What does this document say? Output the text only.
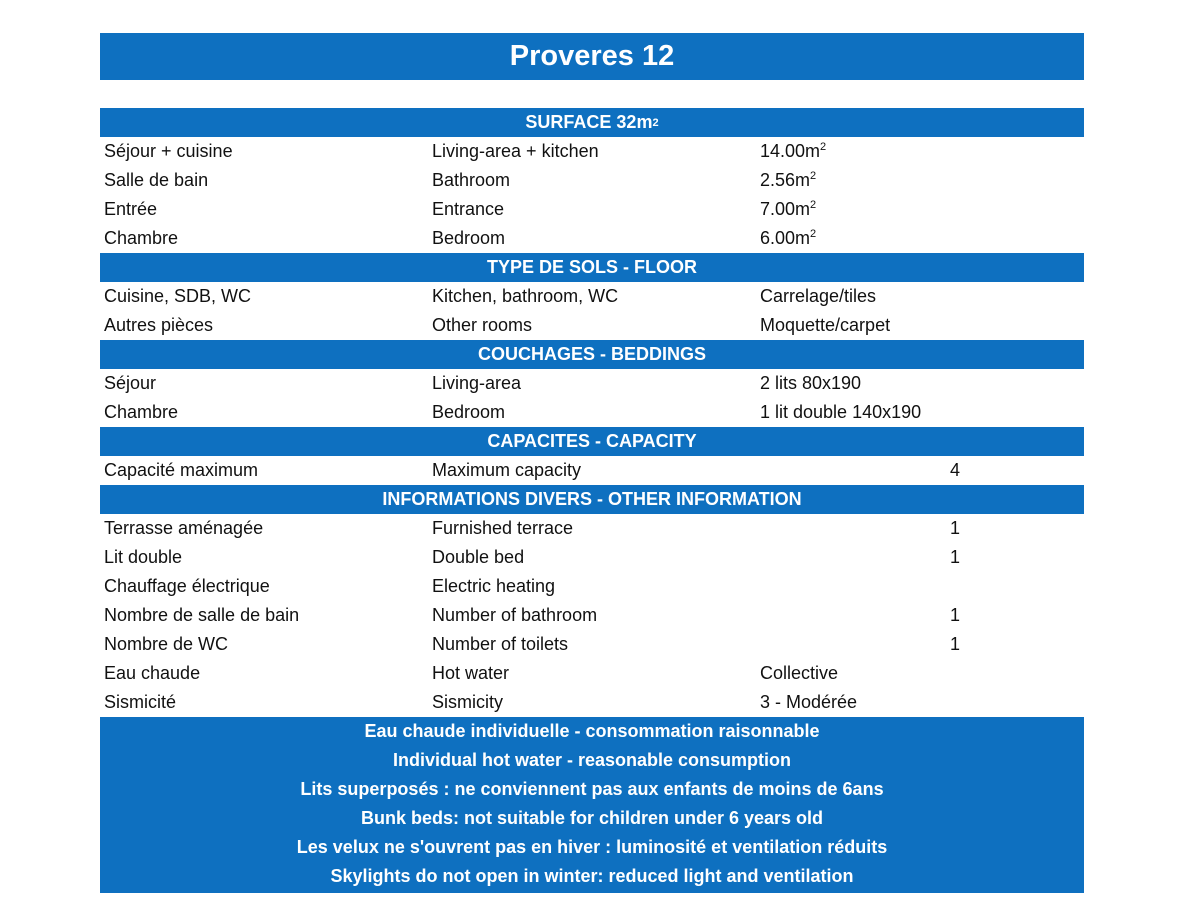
Proveres 12
SURFACE 32m 2
Séjour + cuisine	Living-area + kitchen	$14.00m^2$
Salle de bain	Bathroom	$2.56m^2$
Entrée	Entrance	$7.00m^2$
Chambre	Bedroom	$6.00m^2$
TYPE DE SOLS - FLOOR
Cuisine, SDB, WC	Kitchen, bathroom, WC	Carrelage/tiles
Autres pièces	Other rooms	Moquette/carpet
COUCHAGES - BEDDINGS
Séjour	Living-area	2 lits 80x190
Chambre	Bedroom	1 lit double 140x190
CAPACITES - CAPACITY
Capacité maximum	Maximum capacity	4
INFORMATIONS DIVERS - OTHER INFORMATION
Terrasse aménagée	Furnished terrace	1
Lit double	Double bed	1
Chauffage électrique	Electric heating
Nombre de salle de bain	Number of bathroom	1
Nombre de WC	Number of toilets	1
Eau chaude	Hot water	Collective
Sismicité	Sismicity	3 - Modérée
Eau chaude individuelle - consommation raisonnable
Individual hot water - reasonable consumption
Lits superposés : ne conviennent pas aux enfants de moins de 6ans
Bunk beds: not suitable for children under 6 years old
Les velux ne s'ouvrent pas en hiver : luminosité et ventilation réduits
Skylights do not open in winter: reduced light and ventilation
